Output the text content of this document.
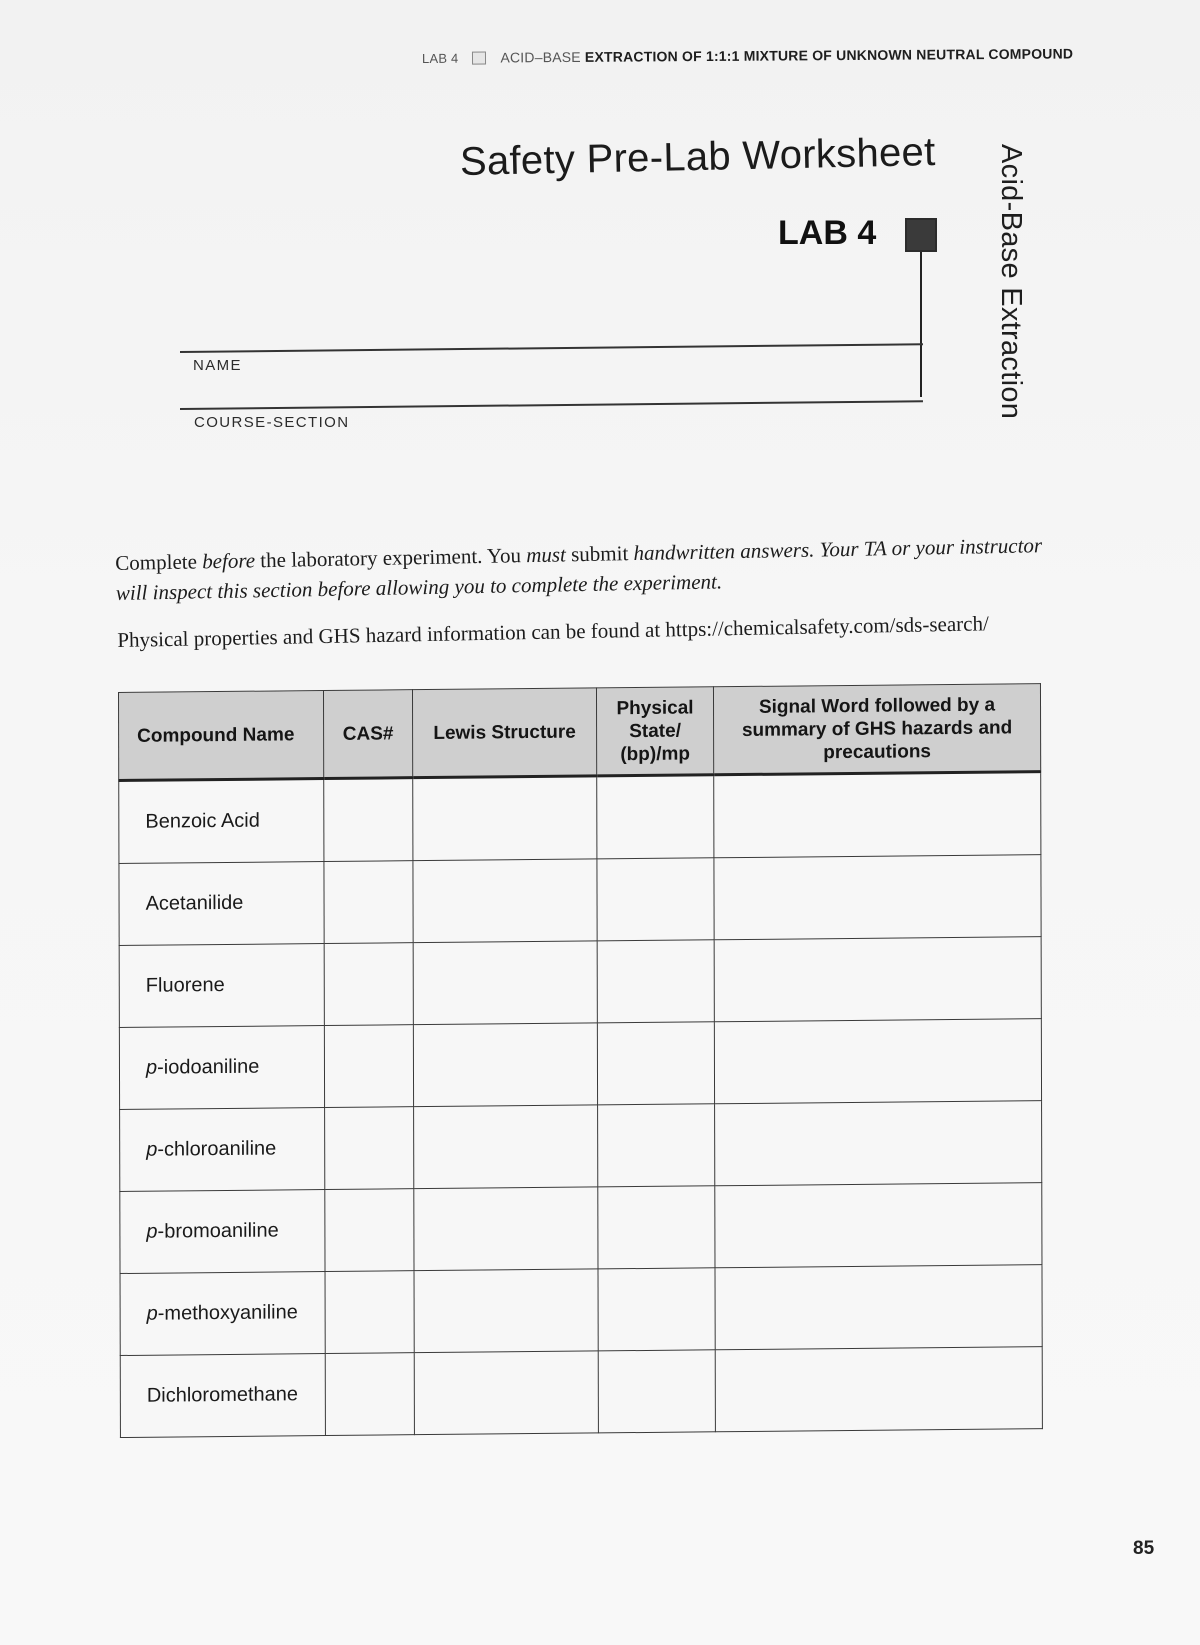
LAB 4	ACID–BASE EXTRACTION OF 1:1:1 MIXTURE OF UNKNOWN NEUTRAL COMPOUND
Safety Pre-Lab Worksheet
LAB 4	Acid-Base Extraction
NAME
COURSE-SECTION
Complete before the laboratory experiment. You must submit handwritten answers. Your TA or your instructor will inspect this section before allowing you to complete the experiment.
Physical properties and GHS hazard information can be found at https://chemicalsafety.com/sds-search/
Compound Name	CAS#	Lewis Structure	Physical State/ (bp)/mp	Signal Word followed by a summary of GHS hazards and precautions
Benzoic Acid				
Acetanilide				
Fluorene				
p-iodoaniline				
p-chloroaniline				
p-bromoaniline				
p-methoxyaniline				
Dichloromethane				
85
